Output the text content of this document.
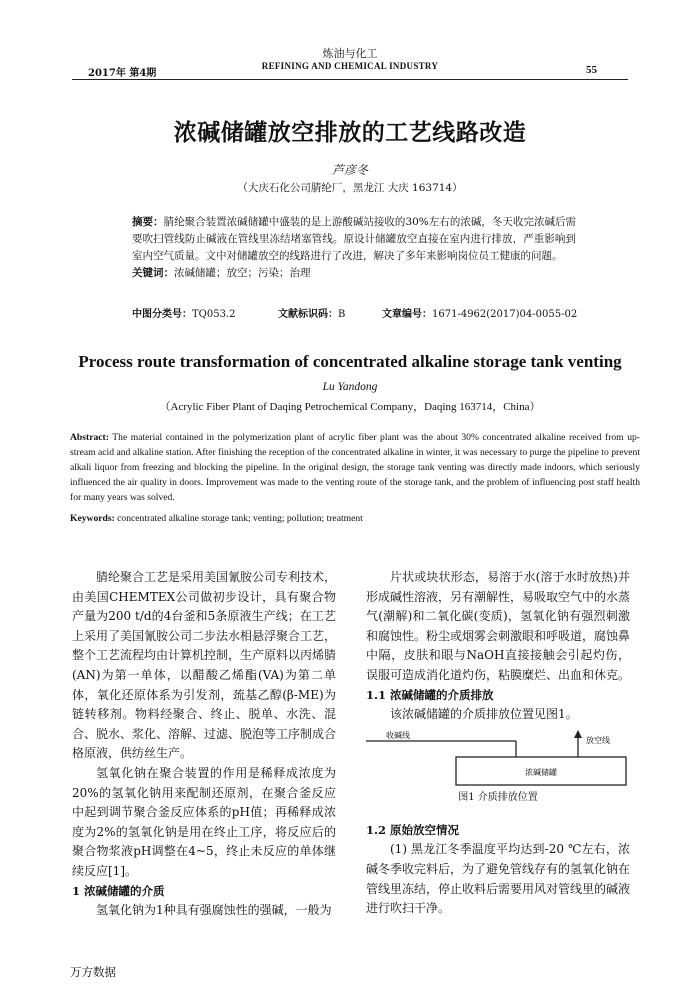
炼油与化工
REFINING AND CHEMICAL INDUSTRY
2017年 第4期	55
浓碱储罐放空排放的工艺线路改造
芦彦冬
（大庆石化公司腈纶厂，黑龙江 大庆 163714）
摘要：腈纶聚合装置浓碱储罐中盛装的是上游酸碱站接收的30%左右的浓碱，冬天收完浓碱后需要吹扫管线防止碱液在管线里冻结堵塞管线。原设计储罐放空直接在室内进行排放，严重影响到室内空气质量。文中对储罐放空的线路进行了改进，解决了多年来影响岗位员工健康的问题。
关键词：浓碱储罐；放空；污染；治理
中图分类号： TQ053.2	文献标识码： B	文章编号： 1671-4962(2017)04-0055-02
Process route transformation of concentrated alkaline storage tank venting
Lu Yandong
（Acrylic Fiber Plant of Daqing Petrochemical Company，Daqing 163714，China）
Abstract: The material contained in the polymerization plant of acrylic fiber plant was the about 30% concentrated alkaline received from up-stream acid and alkaline station. After finishing the reception of the concentrated alkaline in winter, it was necessary to purge the pipeline to prevent alkali liquor from freezing and blocking the pipeline. In the original design, the storage tank venting was directly made indoors, which seriously influenced the air quality in doors. Improvement was made to the venting route of the storage tank, and the problem of influencing post staff health for many years was solved.
Keywords: concentrated alkaline storage tank; venting; pollution; treatment

腈纶聚合工艺是采用美国氰胺公司专利技术，由美国CHEMTEX公司做初步设计，具有聚合物产量为200 t/d的4台釜和5条原液生产线；在工艺上采用了美国氰胺公司二步法水相悬浮聚合工艺，整个工艺流程均由计算机控制，生产原料以丙烯腈(AN)为第一单体，以醋酸乙烯酯(VA)为第二单体，氧化还原体系为引发剂，巯基乙醇(β-ME)为链转移剂。物料经聚合、终止、脱单、水洗、混合、脱水、浆化、溶解、过滤、脱泡等工序制成合格原液，供纺丝生产。

氢氧化钠在聚合装置的作用是稀释成浓度为20%的氢氧化钠用来配制还原剂，在聚合釜反应中起到调节聚合釜反应体系的pH值；再稀释成浓度为2%的氢氧化钠是用在终止工序，将反应后的聚合物浆液pH调整在4~5，终止未反应的单体继续反应[1]。

1 浓碱储罐的介质

氢氧化钠为1种具有强腐蚀性的强碱，一般为

片状或块状形态，易溶于水(溶于水时放热)并形成碱性溶液，另有潮解性，易吸取空气中的水蒸气(潮解)和二氧化碳(变质)，氢氧化钠有强烈刺激和腐蚀性。粉尘或烟雾会刺激眼和呼吸道，腐蚀鼻中隔，皮肤和眼与NaOH直接接触会引起灼伤，误服可造成消化道灼伤，粘膜糜烂、出血和休克。

1.1 浓碱储罐的介质排放

该浓碱储罐的介质排放位置见图1。

收碱线
放空线
浓碱储罐
图1 介质排放位置
1.2 原始放空情况

(1) 黑龙江冬季温度平均达到-20 ℃左右，浓碱冬季收完料后，为了避免管线存有的氢氧化钠在管线里冻结，停止收料后需要用风对管线里的碱液进行吹扫干净。

万方数据
